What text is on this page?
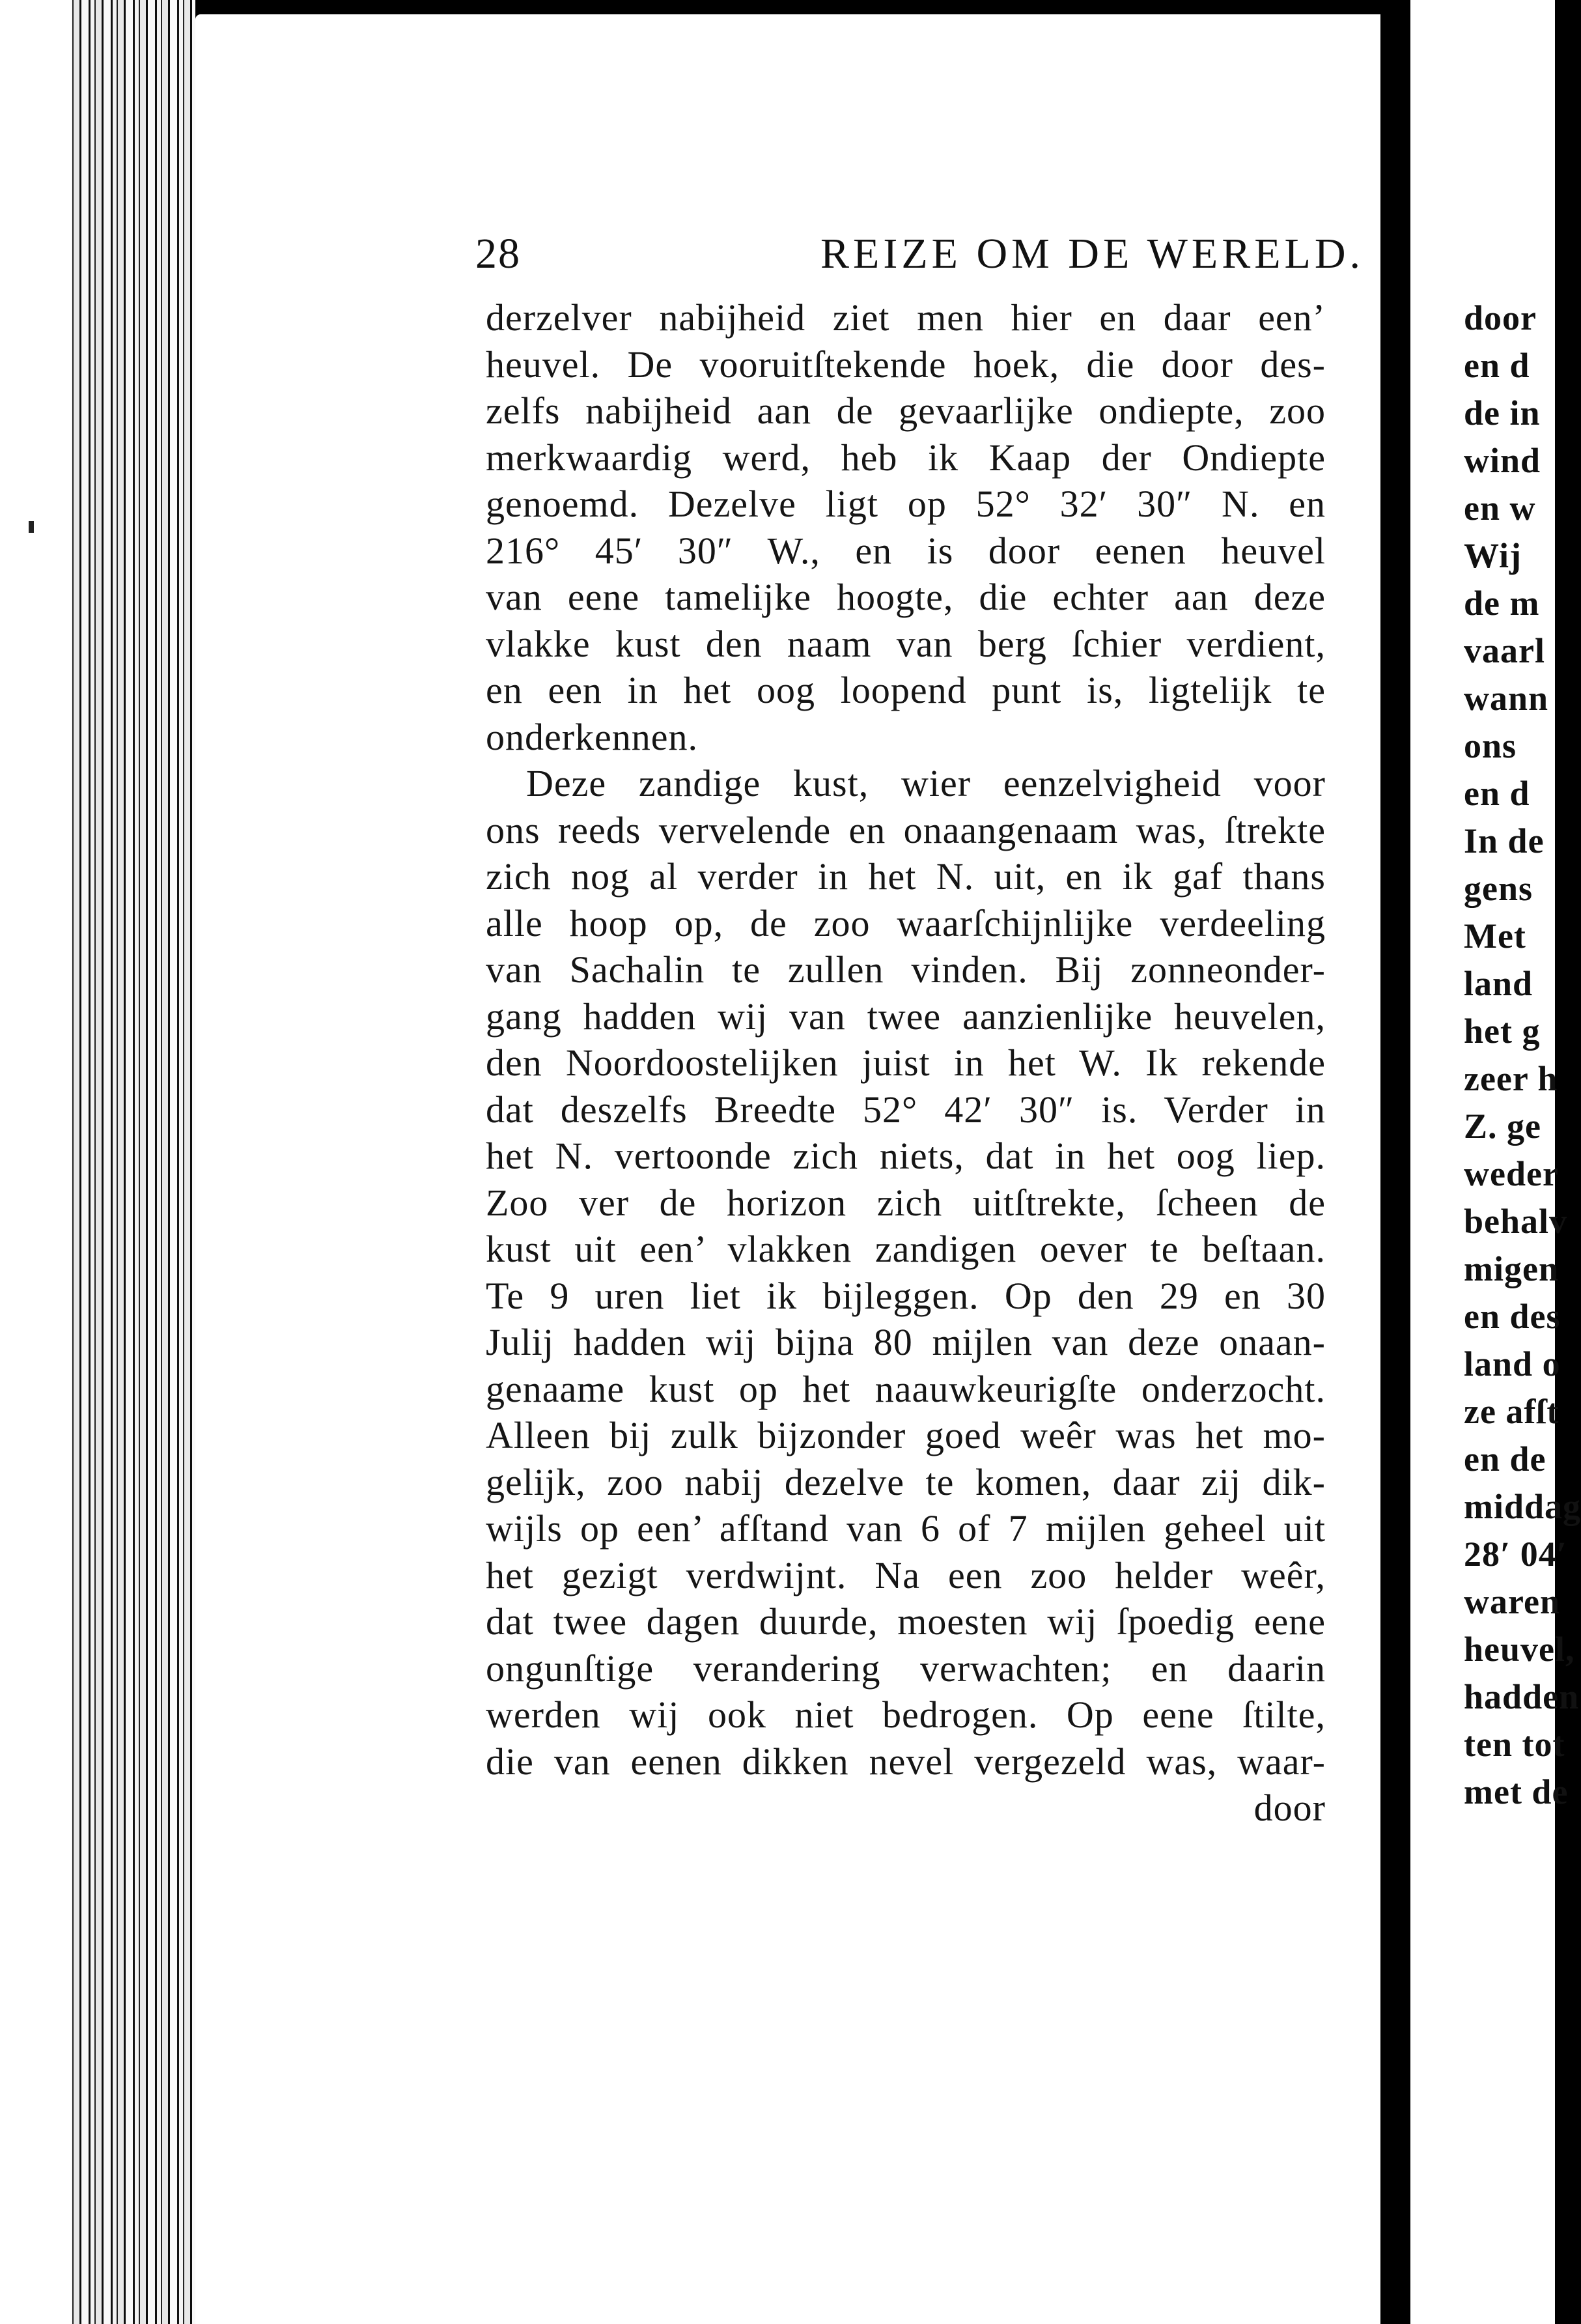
28	REIZE OM DE WERELD.
derzelver nabijheid ziet men hier en daar een’
heuvel. De vooruitſtekende hoek, die door des-
zelfs nabijheid aan de gevaarlijke ondiepte, zoo
merkwaardig werd, heb ik Kaap der Ondiepte
genoemd. Dezelve ligt op 52° 32′ 30″ N. en
216° 45′ 30″ W., en is door eenen heuvel
van eene tamelijke hoogte, die echter aan deze
vlakke kust den naam van berg ſchier verdient,
en een in het oog loopend punt is, ligtelijk te
onderkennen.
Deze zandige kust, wier eenzelvigheid voor
ons reeds vervelende en onaangenaam was, ſtrekte
zich nog al verder in het N. uit, en ik gaf thans
alle hoop op, de zoo waarſchijnlijke verdeeling
van Sachalin te zullen vinden. Bij zonneonder-
gang hadden wij van twee aanzienlijke heuvelen,
den Noordoostelijken juist in het W. Ik rekende
dat deszelfs Breedte 52° 42′ 30″ is. Verder in
het N. vertoonde zich niets, dat in het oog liep.
Zoo ver de horizon zich uitſtrekte, ſcheen de
kust uit een’ vlakken zandigen oever te beſtaan.
Te 9 uren liet ik bijleggen. Op den 29 en 30
Julij hadden wij bijna 80 mijlen van deze onaan-
genaame kust op het naauwkeurigſte onderzocht.
Alleen bij zulk bijzonder goed weêr was het mo-
gelijk, zoo nabij dezelve te komen, daar zij dik-
wijls op een’ afſtand van 6 of 7 mijlen geheel uit
het gezigt verdwijnt. Na een zoo helder weêr,
dat twee dagen duurde, moesten wij ſpoedig eene
ongunſtige verandering verwachten; en daarin
werden wij ook niet bedrogen. Op eene ſtilte,
die van eenen dikken nevel vergezeld was, waar-
door
door
en d
de in
wind
en w
Wij
de m
vaarl
wann
ons
en d
In de
gens
Met
land
het g
zeer h
Z. ge
weder
behalv
migen
en des
land o
ze afſt
en de
middag
28′ 04′
waren
heuvel,
hadden
ten tot
met de
